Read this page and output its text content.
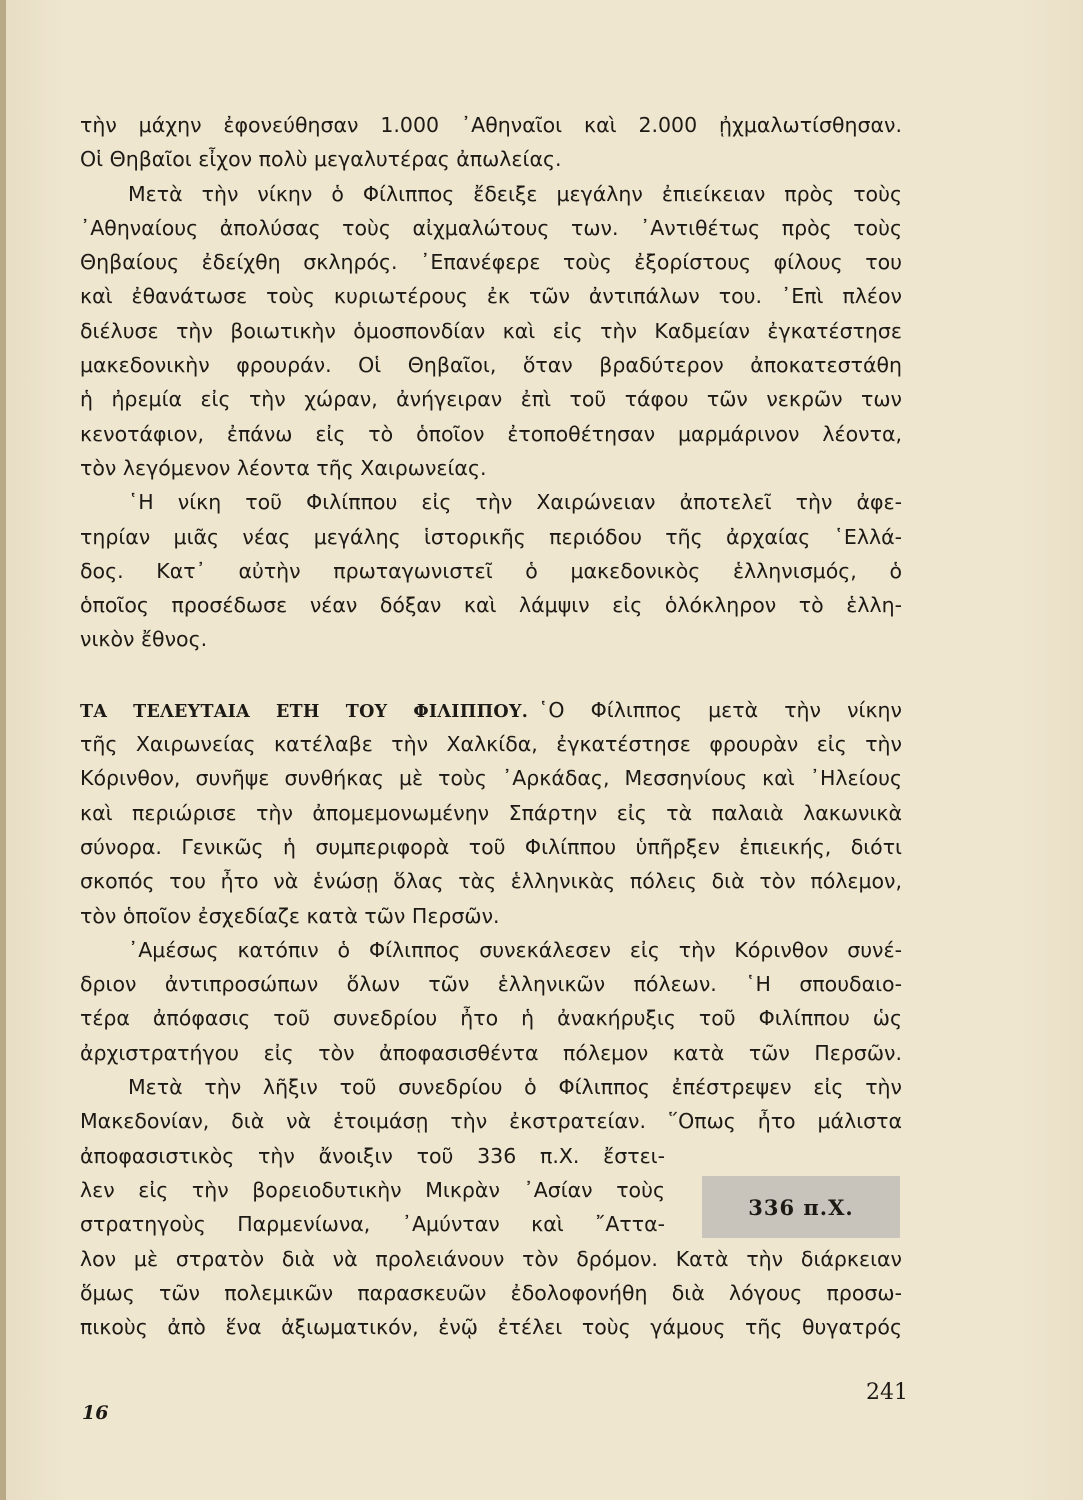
τὴν μάχην ἐφονεύθησαν 1.000 ᾿Αθηναῖοι καὶ 2.000 ᾐχμαλωτίσθησαν.
Οἱ Θηβαῖοι εἶχον πολὺ μεγαλυτέρας ἀπωλείας.
Μετὰ τὴν νίκην ὁ Φίλιππος ἔδειξε μεγάλην ἐπιείκειαν πρὸς τοὺς
᾿Αθηναίους ἀπολύσας τοὺς αἰχμαλώτους των. ᾿Αντιθέτως πρὸς τοὺς
Θηβαίους ἐδείχθη σκληρός. ᾿Επανέφερε τοὺς ἐξορίστους φίλους του
καὶ ἐθανάτωσε τοὺς κυριωτέρους ἐκ τῶν ἀντιπάλων του. ᾿Επὶ πλέον
διέλυσε τὴν βοιωτικὴν ὁμοσπονδίαν καὶ εἰς τὴν Καδμείαν ἐγκατέστησε
μακεδονικὴν φρουράν. Οἱ Θηβαῖοι, ὅταν βραδύτερον ἀποκατεστάθη
ἡ ἠρεμία εἰς τὴν χώραν, ἀνήγειραν ἐπὶ τοῦ τάφου τῶν νεκρῶν των
κενοτάφιον, ἐπάνω εἰς τὸ ὁποῖον ἐτοποθέτησαν μαρμάρινον λέοντα,
τὸν λεγόμενον λέοντα τῆς Χαιρωνείας.
῾Η νίκη τοῦ Φιλίππου εἰς τὴν Χαιρώνειαν ἀποτελεῖ τὴν ἀφε-
τηρίαν μιᾶς νέας μεγάλης ἱστορικῆς περιόδου τῆς ἀρχαίας ῾Ελλά-
δος. Κατ᾿ αὐτὴν πρωταγωνιστεῖ ὁ μακεδονικὸς ἑλληνισμός, ὁ
ὁποῖος προσέδωσε νέαν δόξαν καὶ λάμψιν εἰς ὁλόκληρον τὸ ἑλλη-
νικὸν ἔθνος.
ΤΑ ΤΕΛΕΥΤΑΙΑ ΕΤΗ ΤΟΥ ΦΙΛΙΠΠΟΥ. ῾Ο Φίλιππος μετὰ τὴν νίκην
τῆς Χαιρωνείας κατέλαβε τὴν Χαλκίδα, ἐγκατέστησε φρουρὰν εἰς τὴν
Κόρινθον, συνῆψε συνθήκας μὲ τοὺς ᾿Αρκάδας, Μεσσηνίους καὶ ᾿Ηλείους
καὶ περιώρισε τὴν ἀπομεμονωμένην Σπάρτην εἰς τὰ παλαιὰ λακωνικὰ
σύνορα. Γενικῶς ἡ συμπεριφορὰ τοῦ Φιλίππου ὑπῆρξεν ἐπιεικής, διότι
σκοπός του ἦτο νὰ ἑνώσῃ ὅλας τὰς ἑλληνικὰς πόλεις διὰ τὸν πόλεμον,
τὸν ὁποῖον ἐσχεδίαζε κατὰ τῶν Περσῶν.
᾿Αμέσως κατόπιν ὁ Φίλιππος συνεκάλεσεν εἰς τὴν Κόρινθον συνέ-
δριον ἀντιπροσώπων ὅλων τῶν ἑλληνικῶν πόλεων. ῾Η σπουδαιο-
τέρα ἀπόφασις τοῦ συνεδρίου ἦτο ἡ ἀνακήρυξις τοῦ Φιλίππου ὡς
ἀρχιστρατήγου εἰς τὸν ἀποφασισθέντα πόλεμον κατὰ τῶν Περσῶν.
Μετὰ τὴν λῆξιν τοῦ συνεδρίου ὁ Φίλιππος ἐπέστρεψεν εἰς τὴν
Μακεδονίαν, διὰ νὰ ἑτοιμάσῃ τὴν ἐκστρατείαν. ῞Οπως ἦτο μάλιστα
ἀποφασιστικὸς τὴν ἄνοιξιν τοῦ 336 π.Χ. ἔστει-
λεν εἰς τὴν βορειοδυτικὴν Μικρὰν ᾿Ασίαν τοὺς
στρατηγοὺς Παρμενίωνα, ᾿Αμύνταν καὶ ῎Αττα-
λον μὲ στρατὸν διὰ νὰ προλειάνουν τὸν δρόμον. Κατὰ τὴν διάρκειαν
ὅμως τῶν πολεμικῶν παρασκευῶν ἐδολοφονήθη διὰ λόγους προσω-
πικοὺς ἀπὸ ἕνα ἀξιωματικόν, ἐνῷ ἐτέλει τοὺς γάμους τῆς θυγατρός
336 π.Χ.
241
16
